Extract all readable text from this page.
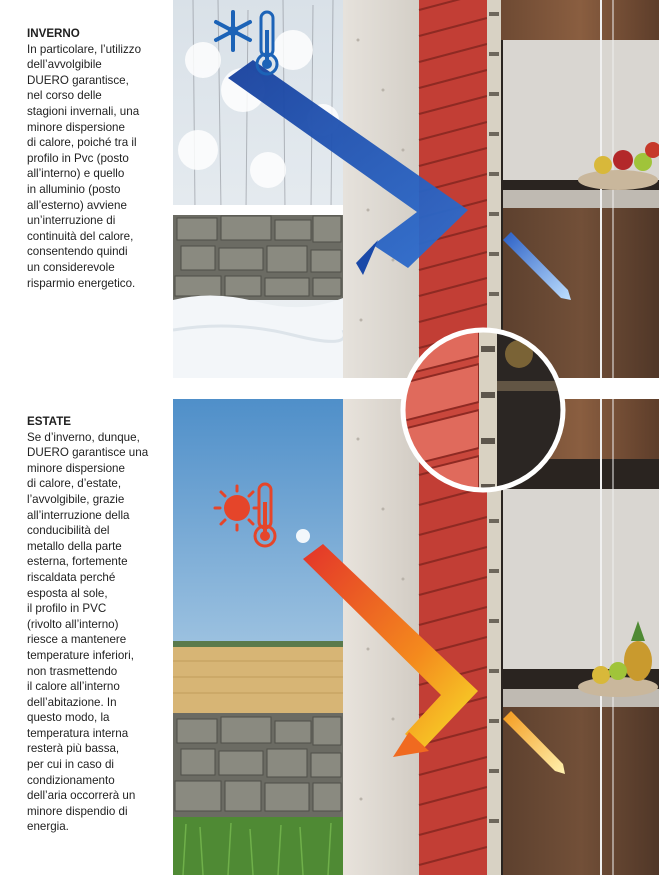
INVERNO
In particolare, l’utilizzo
dell’avvolgibile
DUERO garantisce,
nel corso delle
stagioni invernali, una
minore dispersione
di calore, poiché tra il
profilo in Pvc (posto
all’interno) e quello
in alluminio (posto
all’esterno) avviene
un’interruzione di
continuità del calore,
consentendo quindi
un considerevole
risparmio energetico.
ESTATE
Se d’inverno, dunque,
DUERO garantisce una
minore dispersione
di calore, d’estate,
l’avvolgibile, grazie
all’interruzione della
conducibilità del
metallo della parte
esterna, fortemente
riscaldata perché
esposta al sole,
il profilo in PVC
(rivolto all’interno)
riesce a mantenere
temperature inferiori,
non trasmettendo
il calore all’interno
dell’abitazione. In
questo modo, la
temperatura interna
resterà più bassa,
per cui in caso di
condizionamento
dell’aria occorrerà un
minore dispendio di
energia.
